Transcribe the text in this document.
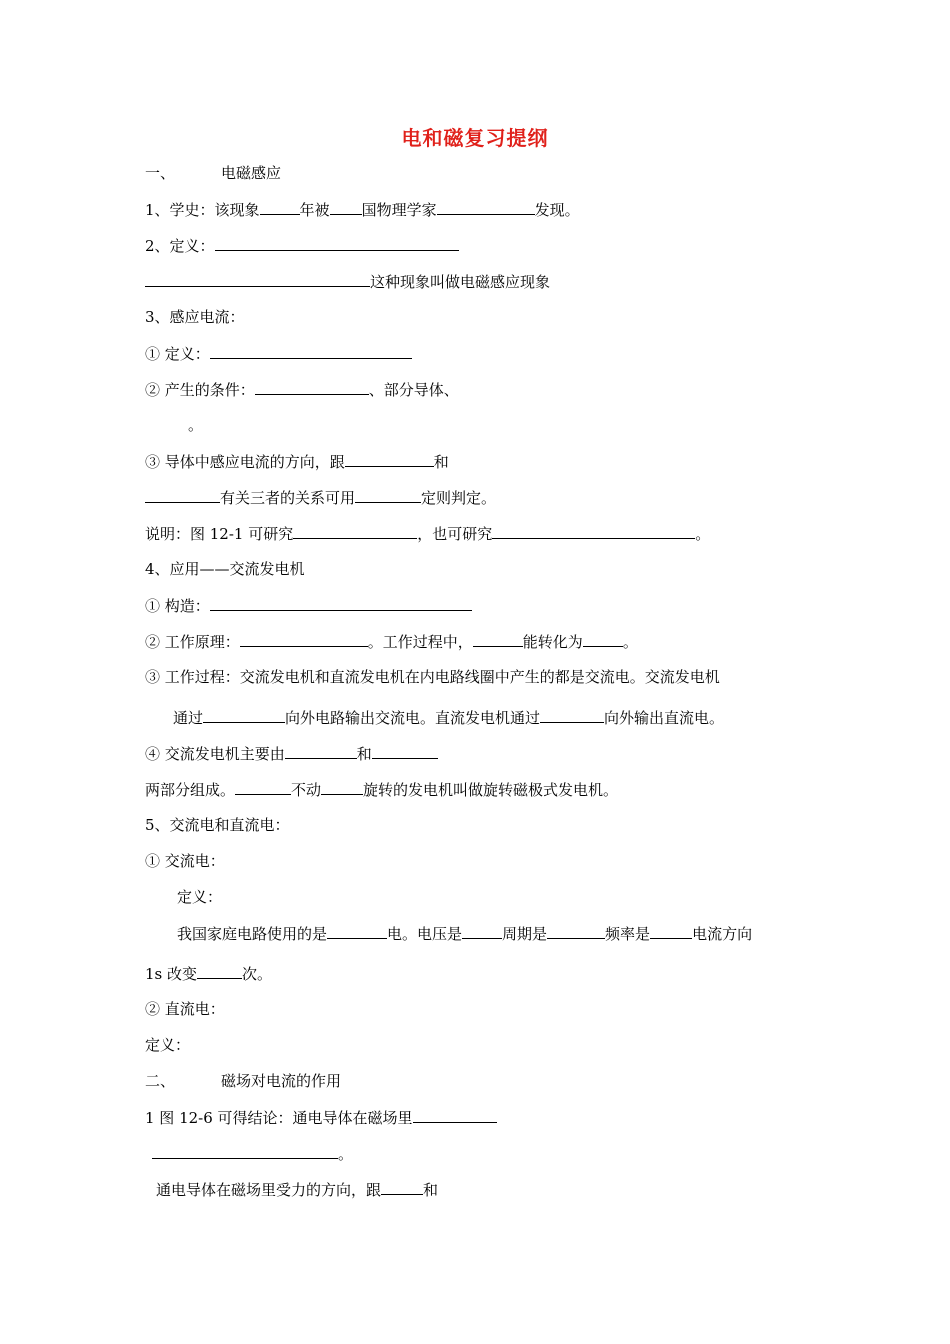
电和磁复习提纲
一、	电磁感应
1、学史：该现象	年被 国物理学家	发现。
2、定义：
这种现象叫做电磁感应现象
3、感应电流：
① 定义：
② 产生的条件：	、部分导体、
。
③ 导体中感应电流的方向，跟	和
有关三者的关系可用	定则判定。
说明：图 12-1 可研究	，也可研究	。
4、应用——交流发电机
① 构造：
② 工作原理：	。工作过程中，	能转化为	。
③ 工作过程：交流发电机和直流发电机在内电路线圈中产生的都是交流电。交流发电机
通过	向外电路输出交流电。直流发电机通过	向外输出直流电。
④ 交流发电机主要由	和
两部分组成。	不动	旋转的发电机叫做旋转磁极式发电机。
5、交流电和直流电：
① 交流电：
定义：
我国家庭电路使用的是	电。电压是	周期是	频率是	电流方向
1s 改变	次。
② 直流电：
定义：
二、	磁场对电流的作用
1 图 12-6 可得结论：通电导体在磁场里
。
通电导体在磁场里受力的方向，跟	和
